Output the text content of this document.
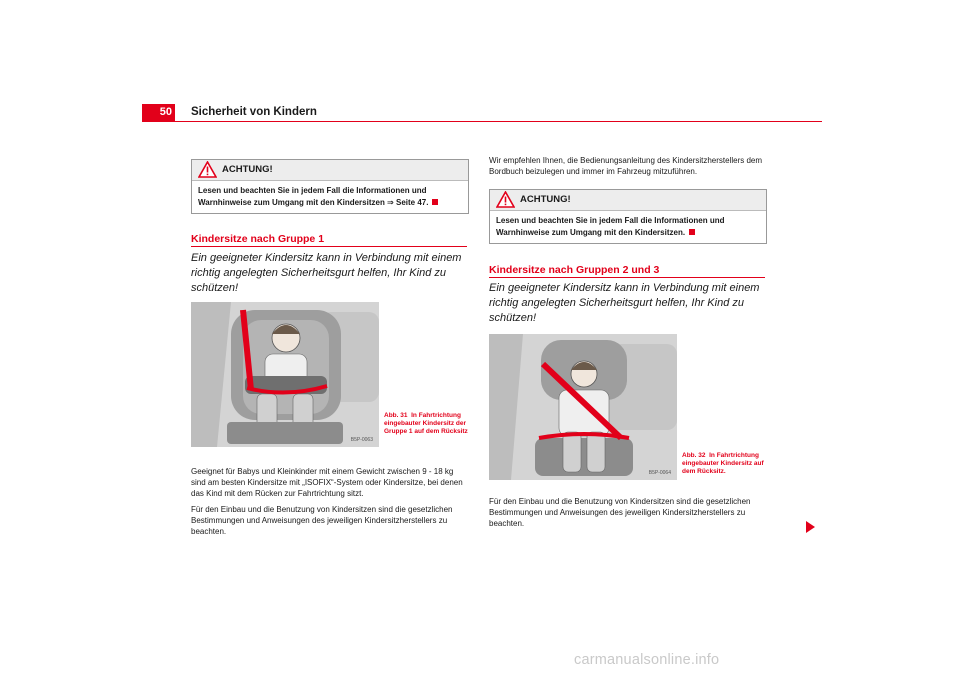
50 Sicherheit von Kindern
ACHTUNG!
Lesen und beachten Sie in jedem Fall die Informationen und Warnhinweise zum Umgang mit den Kindersitzen ⇒ Seite 47.
Kindersitze nach Gruppe 1
Ein geeigneter Kindersitz kann in Verbindung mit einem richtig angelegten Sicherheitsgurt helfen, Ihr Kind zu schützen!
B5P-0063
Abb. 31 In Fahrtrichtung eingebauter Kindersitz der Gruppe 1 auf dem Rücksitz
Geeignet für Babys und Kleinkinder mit einem Gewicht zwischen 9 - 18 kg sind am besten Kindersitze mit „ISOFIX“-System oder Kindersitze, bei denen das Kind mit dem Rücken zur Fahrtrichtung sitzt.
Für den Einbau und die Benutzung von Kindersitzen sind die gesetzlichen Bestimmungen und Anweisungen des jeweiligen Kindersitzherstellers zu beachten.
Wir empfehlen Ihnen, die Bedienungsanleitung des Kindersitzherstellers dem Bordbuch beizulegen und immer im Fahrzeug mitzuführen.
ACHTUNG!
Lesen und beachten Sie in jedem Fall die Informationen und Warnhinweise zum Umgang mit den Kindersitzen.
Kindersitze nach Gruppen 2 und 3
Ein geeigneter Kindersitz kann in Verbindung mit einem richtig angelegten Sicherheitsgurt helfen, Ihr Kind zu schützen!
B5P-0064
Abb. 32 In Fahrtrichtung eingebauter Kindersitz auf dem Rücksitz.
Für den Einbau und die Benutzung von Kindersitzen sind die gesetzlichen Bestimmungen und Anweisungen des jeweiligen Kindersitzherstellers zu beachten.
carmanualsonline.info
